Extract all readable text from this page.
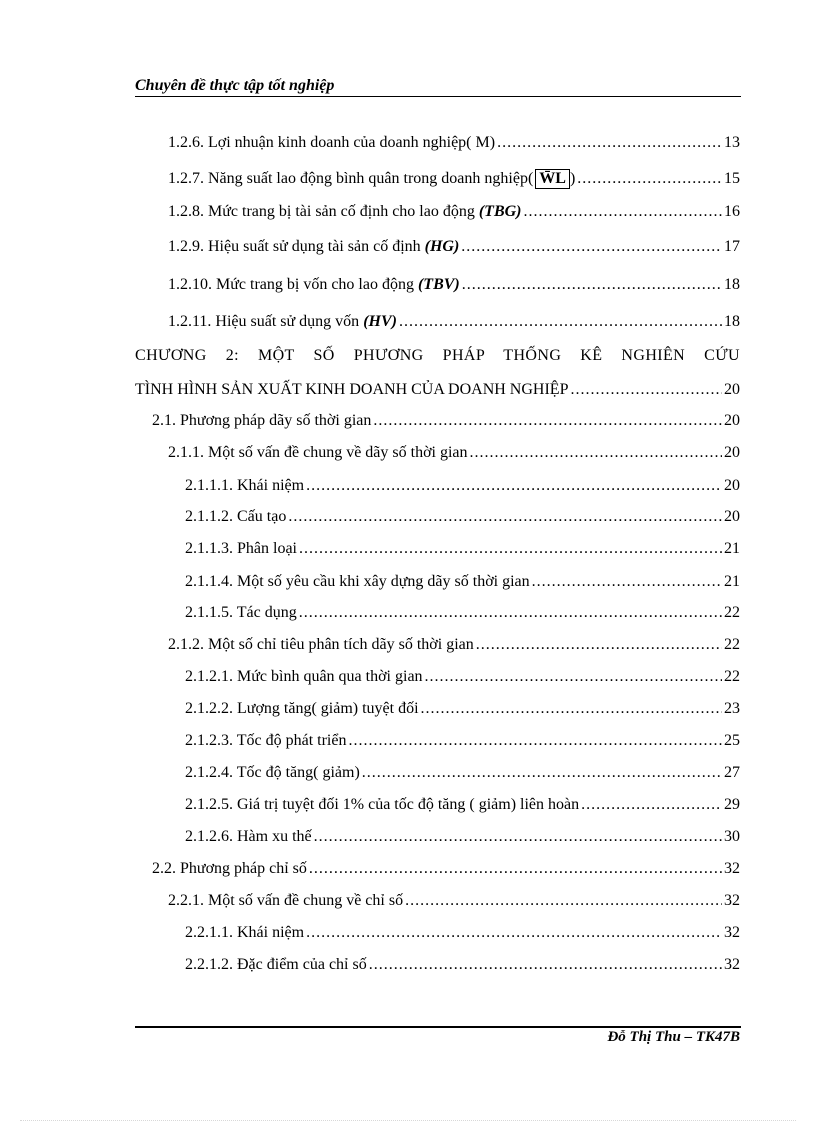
Chuyên đề thực tập tốt nghiệp
1.2.6. Lợi nhuận kinh doanh của doanh nghiệp( M) .....	13
1.2.7. Năng suất lao động bình quân trong doanh nghiệp( W̄L ) .....	15
1.2.8. Mức trang bị tài sản cố định cho lao động (TBG) .....	16
1.2.9. Hiệu suất sử dụng tài sản cố định (HG) .....	17
1.2.10. Mức trang bị vốn cho lao động (TBV) .....	18
1.2.11. Hiệu suất sử dụng vốn (HV) .....	18
CHƯƠNG 2: MỘT SỐ PHƯƠNG PHÁP THỐNG KÊ NGHIÊN CỨU
TÌNH HÌNH SẢN XUẤT KINH DOANH CỦA DOANH NGHIỆP .....	20
2.1. Phương pháp dãy số thời gian .....	20
2.1.1. Một số vấn đề chung về dãy số thời gian .....	20
2.1.1.1. Khái niệm .....	20
2.1.1.2. Cấu tạo .....	20
2.1.1.3. Phân loại .....	21
2.1.1.4. Một số yêu cầu khi xây dựng dãy số thời gian .....	21
2.1.1.5. Tác dụng .....	22
2.1.2. Một số chỉ tiêu phân tích dãy số thời gian .....	22
2.1.2.1. Mức bình quân qua thời gian .....	22
2.1.2.2. Lượng tăng( giảm) tuyệt đối .....	23
2.1.2.3. Tốc độ phát triển .....	25
2.1.2.4. Tốc độ tăng( giảm) .....	27
2.1.2.5. Giá trị tuyệt đối 1% của tốc độ tăng ( giảm) liên hoàn .....	29
2.1.2.6. Hàm xu thế .....	30
2.2. Phương pháp chỉ số .....	32
2.2.1. Một số vấn đề chung về chỉ số .....	32
2.2.1.1. Khái niệm .....	32
2.2.1.2. Đặc điểm của chỉ số .....	32
Đỗ Thị Thu – TK47B
